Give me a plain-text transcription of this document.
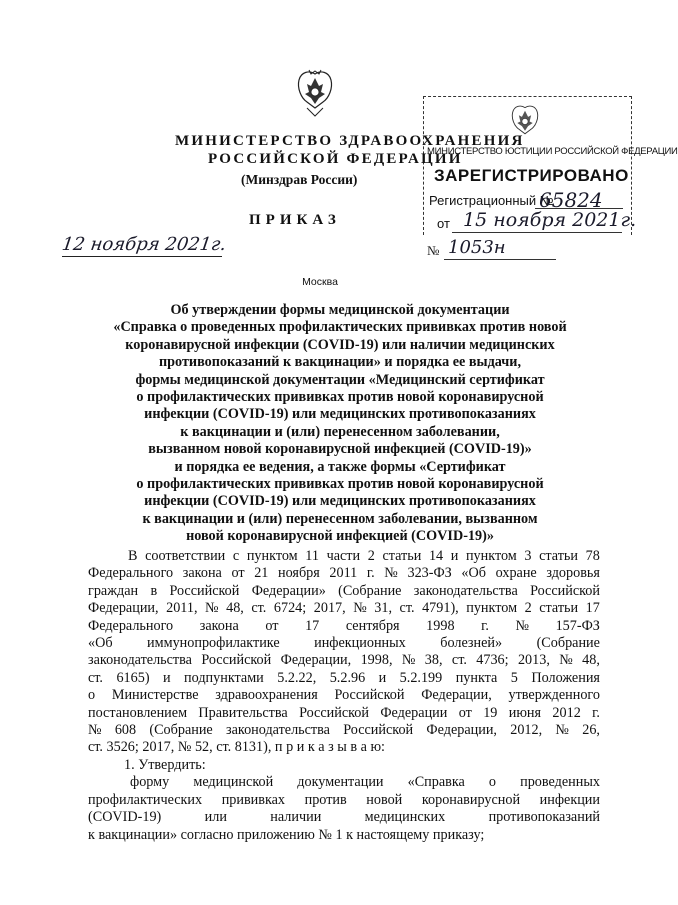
МИНИСТЕРСТВО ЗДРАВООХРАНЕНИЯ
РОССИЙСКОЙ ФЕДЕРАЦИИ
(Минздрав России)
ПРИКАЗ
МИНИСТЕРСТВО ЮСТИЦИИ РОССИЙСКОЙ ФЕДЕРАЦИИ
ЗАРЕГИСТРИРОВАНО
Регистрационный №
65824
от 15 ноября 2021г.
12 ноября 2021г.	№ 1053н
Москва
Об утверждении формы медицинской документации
«Справка о проведенных профилактических прививках против новой
коронавирусной инфекции (COVID-19) или наличии медицинских
противопоказаний к вакцинации» и порядка ее выдачи,
формы медицинской документации «Медицинский сертификат
о профилактических прививках против новой коронавирусной
инфекции (COVID-19) или медицинских противопоказаниях
к вакцинации и (или) перенесенном заболевании,
вызванном новой коронавирусной инфекцией (COVID-19)»
и порядка ее ведения, а также формы «Сертификат
о профилактических прививках против новой коронавирусной
инфекции (COVID-19) или медицинских противопоказаниях
к вакцинации и (или) перенесенном заболевании, вызванном
новой коронавирусной инфекцией (COVID-19)»
В соответствии с пунктом 11 части 2 статьи 14 и пунктом 3 статьи 78
Федерального закона от 21 ноября 2011 г. № 323-ФЗ «Об охране здоровья
граждан в Российской Федерации» (Собрание законодательства Российской
Федерации, 2011, № 48, ст. 6724; 2017, № 31, ст. 4791), пунктом 2 статьи 17
Федерального закона от 17 сентября 1998 г. № 157-ФЗ
«Об иммунопрофилактике инфекционных болезней» (Собрание
законодательства Российской Федерации, 1998, № 38, ст. 4736; 2013, № 48,
ст. 6165) и подпунктами 5.2.22, 5.2.96 и 5.2.199 пункта 5 Положения
о Министерстве здравоохранения Российской Федерации, утвержденного
постановлением Правительства Российской Федерации от 19 июня 2012 г.
№ 608 (Собрание законодательства Российской Федерации, 2012, № 26,
ст. 3526; 2017, № 52, ст. 8131), п р и к а з ы в а ю:
1. Утвердить:
форму медицинской документации «Справка о проведенных
профилактических прививках против новой коронавирусной инфекции
(COVID-19)	или	наличии	медицинских	противопоказаний
к вакцинации» согласно приложению № 1 к настоящему приказу;
